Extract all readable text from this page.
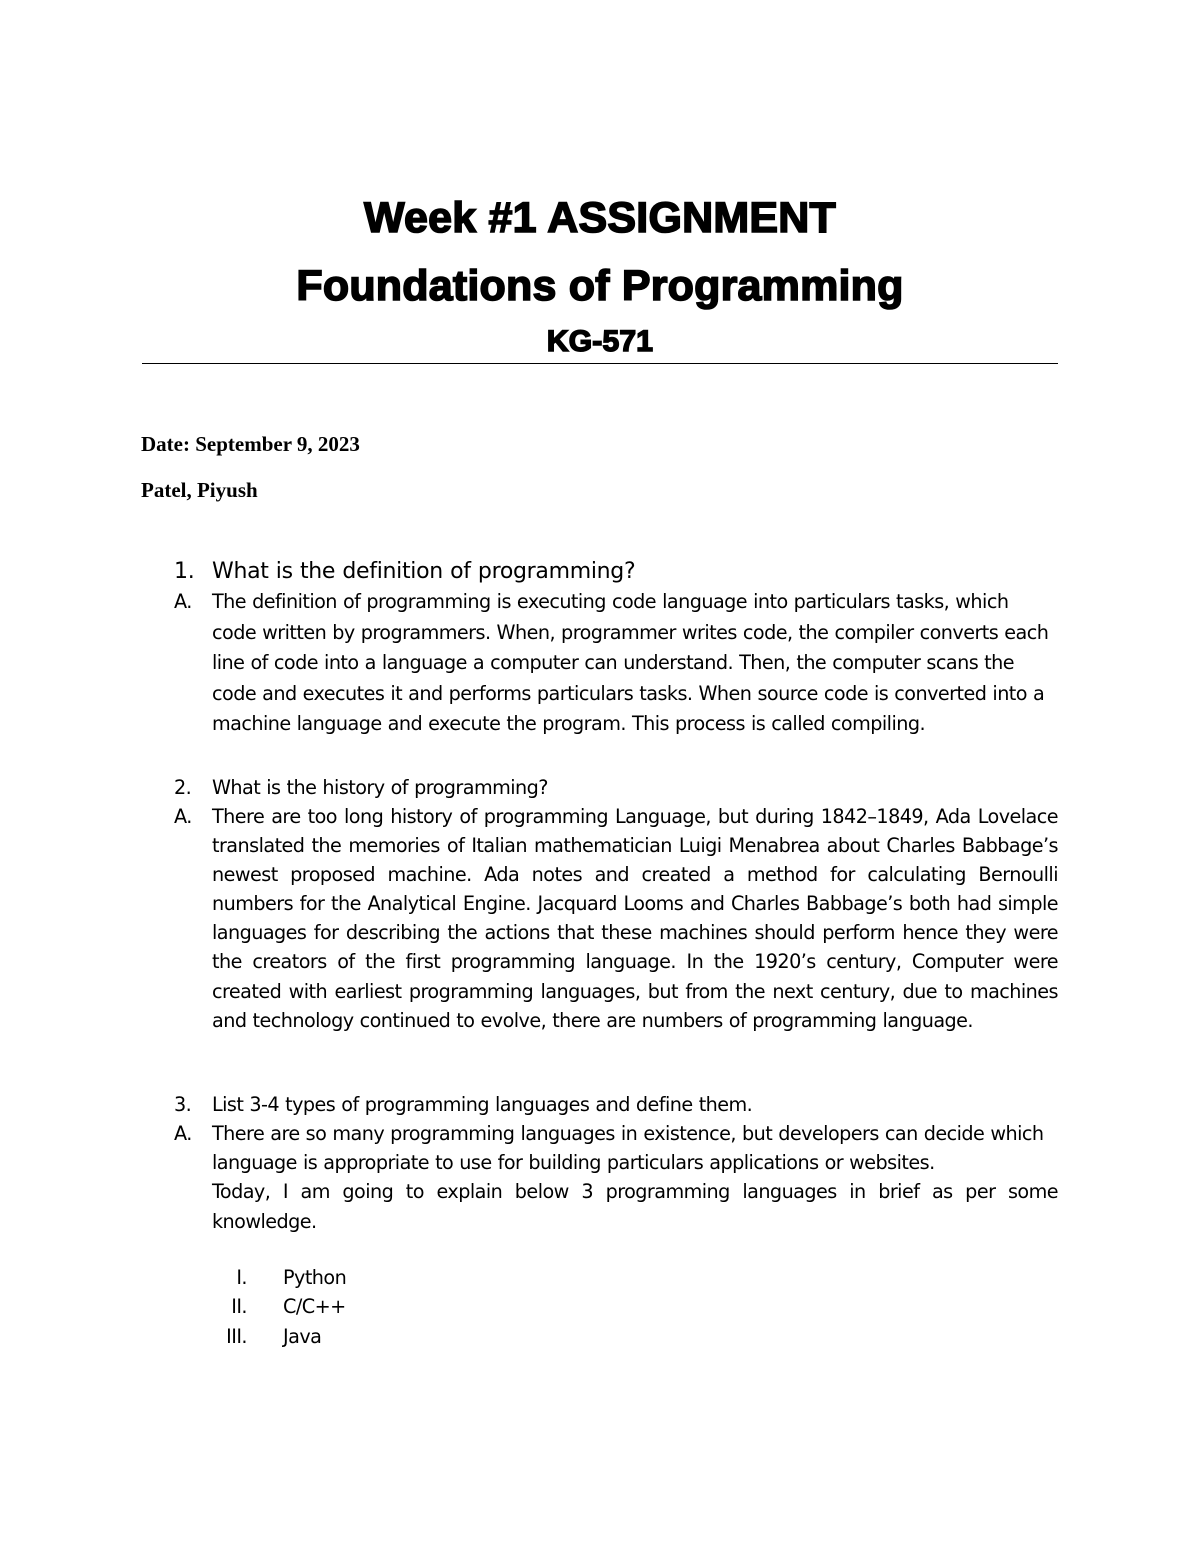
Week #1 ASSIGNMENT
Foundations of Programming
KG-571
Date: September 9, 2023
Patel, Piyush
1. What is the definition of programming?
A. The definition of programming is executing code language into particulars tasks, which code written by programmers. When, programmer writes code, the compiler converts each line of code into a language a computer can understand. Then, the computer scans the code and executes it and performs particulars tasks. When source code is converted into a machine language and execute the program. This process is called compiling.
2. What is the history of programming?
A. There are too long history of programming Language, but during 1842–1849, Ada Lovelace translated the memories of Italian mathematician Luigi Menabrea about Charles Babbage’s newest proposed machine. Ada notes and created a method for calculating Bernoulli numbers for the Analytical Engine. Jacquard Looms and Charles Babbage’s both had simple languages for describing the actions that these machines should perform hence they were the creators of the first programming language. In the 1920’s century, Computer were created with earliest programming languages, but from the next century, due to machines and technology continued to evolve, there are numbers of programming language.
3. List 3-4 types of programming languages and define them.
A. There are so many programming languages in existence, but developers can decide which language is appropriate to use for building particulars applications or websites.
Today, I am going to explain below 3 programming languages in brief as per some knowledge.
I. Python
II. C/C++
III. Java
